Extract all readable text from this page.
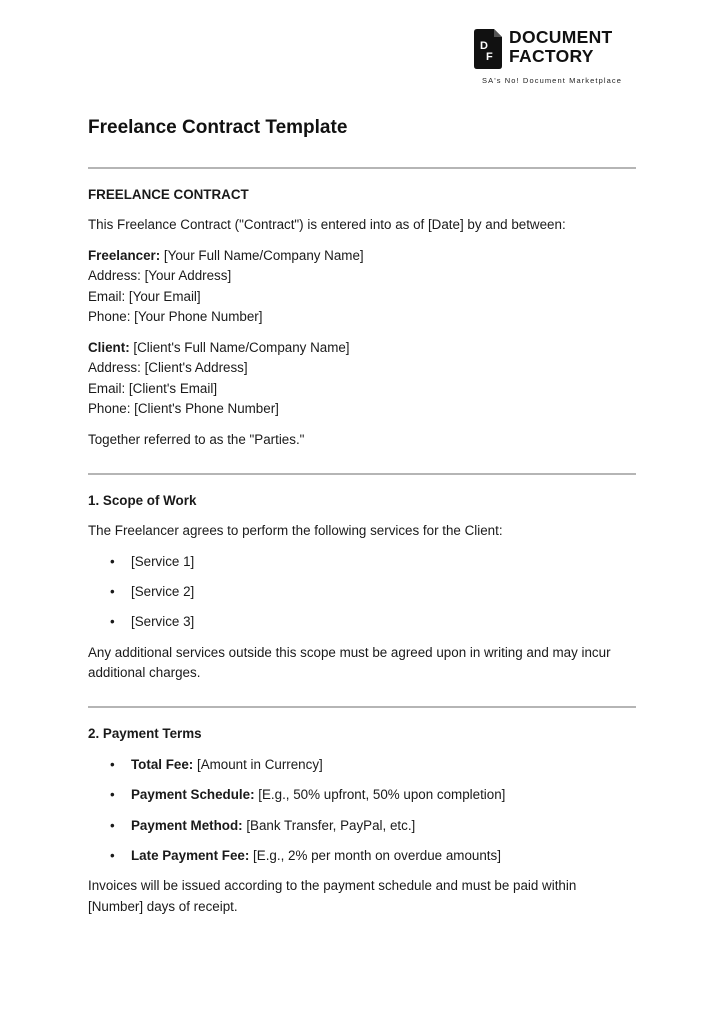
D
F
DOCUMENT
FACTORY
SA's No! Document Marketplace
Freelance Contract Template
FREELANCE CONTRACT
This Freelance Contract ("Contract") is entered into as of [Date] by and between:
Freelancer: [Your Full Name/Company Name]
Address: [Your Address]
Email: [Your Email]
Phone: [Your Phone Number]
Client: [Client's Full Name/Company Name]
Address: [Client's Address]
Email: [Client's Email]
Phone: [Client's Phone Number]
Together referred to as the "Parties."
1. Scope of Work
The Freelancer agrees to perform the following services for the Client:
• [Service 1]
• [Service 2]
• [Service 3]
Any additional services outside this scope must be agreed upon in writing and may incur
additional charges.
2. Payment Terms
• Total Fee: [Amount in Currency]
• Payment Schedule: [E.g., 50% upfront, 50% upon completion]
• Payment Method: [Bank Transfer, PayPal, etc.]
• Late Payment Fee: [E.g., 2% per month on overdue amounts]
Invoices will be issued according to the payment schedule and must be paid within
[Number] days of receipt.
